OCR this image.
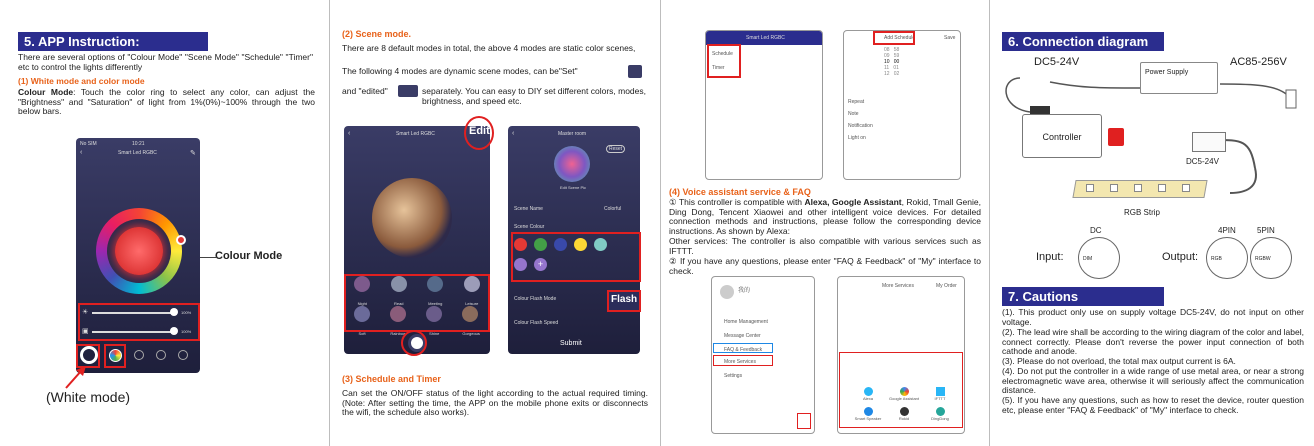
5. APP Instruction:
There are several options of "Colour Mode" "Scene Mode" "Schedule" "Timer" etc to control the lights differently
(1) White mode and color mode
Colour Mode: Touch the color ring to select any color, can adjust the "Brightness" and "Saturation" of light from 1%(0%)~100% through the two below bars.
No SIM	10:21
‹	Smart Led RGBC	✎
☀	100%
▣	100%
Colour Mode
(White mode)
(2) Scene mode.
There are 8 default modes in total, the above 4 modes are static color scenes,
The following 4 modes are dynamic scene modes, can be"Set"
and "edited"	separately. You can easy to DIY set different colors, modes, brightness, and speed etc.
‹	Smart Led RGBC
Night	Read	Meeting	Leisure
Soft	Rainbow	Shine	Gorgeous
Edit	‹	Master room
Reset
Edit Scene Pic
Scene Name	Colorful
Scene Colour
+
Colour Flash Mode
Colour Flash Speed
Submit
Flash
(3) Schedule and Timer
Can set the ON/OFF status of the light according to the actual required timing. (Note: After setting the time, the APP on the mobile phone exits or disconnects the wifi, the schedule also works).
Smart Led RGBC
Schedule
Timer
Add Schedule	Save
08 58
09 59
10 00
11 01
12 02
Repeat
Note
Notification
Light on
(4) Voice assistant service & FAQ
① This controller is compatible with Alexa, Google Assistant, Rokid, Tmall Genie, Ding Dong, Tencent Xiaowei and other intelligent voice devices. For detailed connection methods and instructions, please follow the corresponding device instructions. As shown by Alexa:
Other services: The controller is also compatible with various services such as IFTTT.
② If you have any questions, please enter "FAQ & Feedback" of "My" interface to check.
我的
Home Management
Message Center
FAQ & Feedback
More Services
Settings
More Services	My Order
Alexa	Google Assistant	IFTTT
Smart Speaker	Rokid	DingDong
6. Connection diagram
DC5-24V	AC85-256V
Power Supply
Controller
DC5-24V
RGB Strip
DC	4PIN	5PIN
Input:	DIM	Output:	RGB	RGBW
7. Cautions
(1). This product only use on supply voltage DC5-24V, do not input on other voltage.
(2). The lead wire shall be according to the wiring diagram of the color and label, connect correctly. Please don't reverse the power input connection of both cathode and anode.
(3). Please do not overload, the total max output current is 6A.
(4). Do not put the controller in a wide range of use metal area, or near a strong electromagnetic wave area, otherwise it will seriously affect the communication distance.
(5). If you have any questions, such as how to reset the device, router question etc, please enter "FAQ & Feedback" of "My" interface to check.
